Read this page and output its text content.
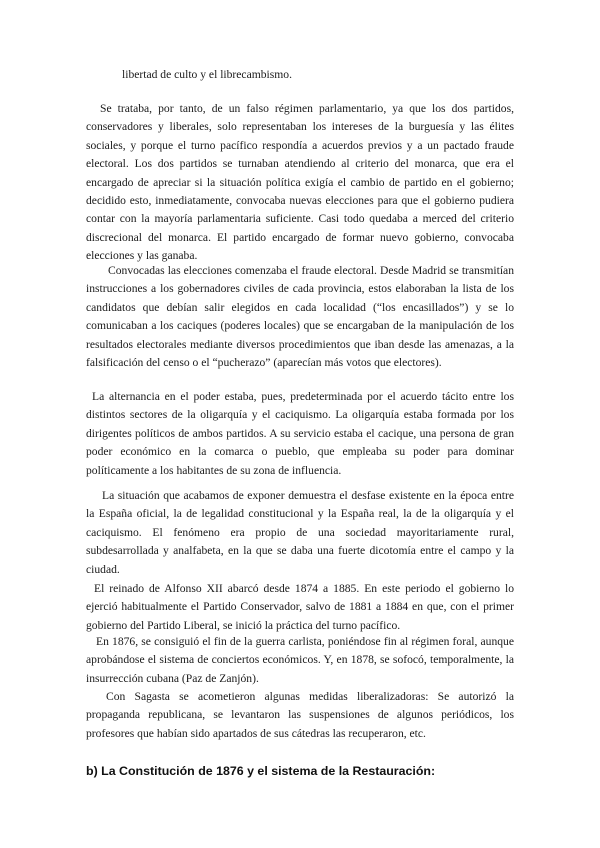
libertad de culto y el librecambismo.

Se trataba, por tanto, de un falso régimen parlamentario, ya que los dos partidos, conservadores y liberales, solo representaban los intereses de la burguesía y las élites sociales, y porque el turno pacífico respondía a acuerdos previos y a un pactado fraude electoral. Los dos partidos se turnaban atendiendo al criterio del monarca, que era el encargado de apreciar si la situación política exigía el cambio de partido en el gobierno; decidido esto, inmediatamente, convocaba nuevas elecciones para que el gobierno pudiera contar con la mayoría parlamentaria suficiente. Casi todo quedaba a merced del criterio discrecional del monarca. El partido encargado de formar nuevo gobierno, convocaba elecciones y las ganaba.

Convocadas las elecciones comenzaba el fraude electoral. Desde Madrid se transmitían instrucciones a los gobernadores civiles de cada provincia, estos elaboraban la lista de los candidatos que debían salir elegidos en cada localidad (“los encasillados”) y se lo comunicaban a los caciques (poderes locales) que se encargaban de la manipulación de los resultados electorales mediante diversos procedimientos que iban desde las amenazas, a la falsificación del censo o el “pucherazo” (aparecían más votos que electores).

La alternancia en el poder estaba, pues, predeterminada por el acuerdo tácito entre los distintos sectores de la oligarquía y el caciquismo. La oligarquía estaba formada por los dirigentes políticos de ambos partidos. A su servicio estaba el cacique, una persona de gran poder económico en la comarca o pueblo, que empleaba su poder para dominar políticamente a los habitantes de su zona de influencia.

La situación que acabamos de exponer demuestra el desfase existente en la época entre la España oficial, la de legalidad constitucional y la España real, la de la oligarquía y el caciquismo. El fenómeno era propio de una sociedad mayoritariamente rural, subdesarrollada y analfabeta, en la que se daba una fuerte dicotomía entre el campo y la ciudad.

El reinado de Alfonso XII abarcó desde 1874 a 1885. En este periodo el gobierno lo ejerció habitualmente el Partido Conservador, salvo de 1881 a 1884 en que, con el primer gobierno del Partido Liberal, se inició la práctica del turno pacífico.

En 1876, se consiguió el fin de la guerra carlista, poniéndose fin al régimen foral, aunque aprobándose el sistema de conciertos económicos. Y, en 1878, se sofocó, temporalmente, la insurrección cubana (Paz de Zanjón).

Con Sagasta se acometieron algunas medidas liberalizadoras: Se autorizó la propaganda republicana, se levantaron las suspensiones de algunos periódicos, los profesores que habían sido apartados de sus cátedras las recuperaron, etc.

b) La Constitución de 1876 y el sistema de la Restauración:
